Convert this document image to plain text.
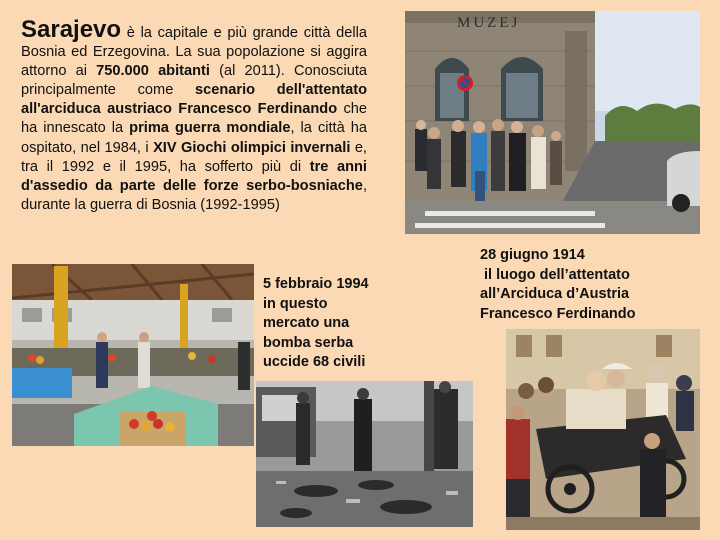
Sarajevo è la capitale e più grande città della Bosnia ed Erzegovina. La sua popolazione si aggira attorno ai 750.000 abitanti (al 2011). Conosciuta principalmente come scenario dell'attentato all'arciduca austriaco Francesco Ferdinando che ha innescato la prima guerra mondiale, la città ha ospitato, nel 1984, i XIV Giochi olimpici invernali e, tra il 1992 e il 1995, ha sofferto più di tre anni d'assedio da parte delle forze serbo-bosniache, durante la guerra di Bosnia (1992-1995)
MUZEJ
5 febbraio 1994
in questo
mercato una
bomba serba
uccide 68 civili
28 giugno 1914
il luogo dell’attentato
all’Arciduca d’Austria
Francesco Ferdinando
